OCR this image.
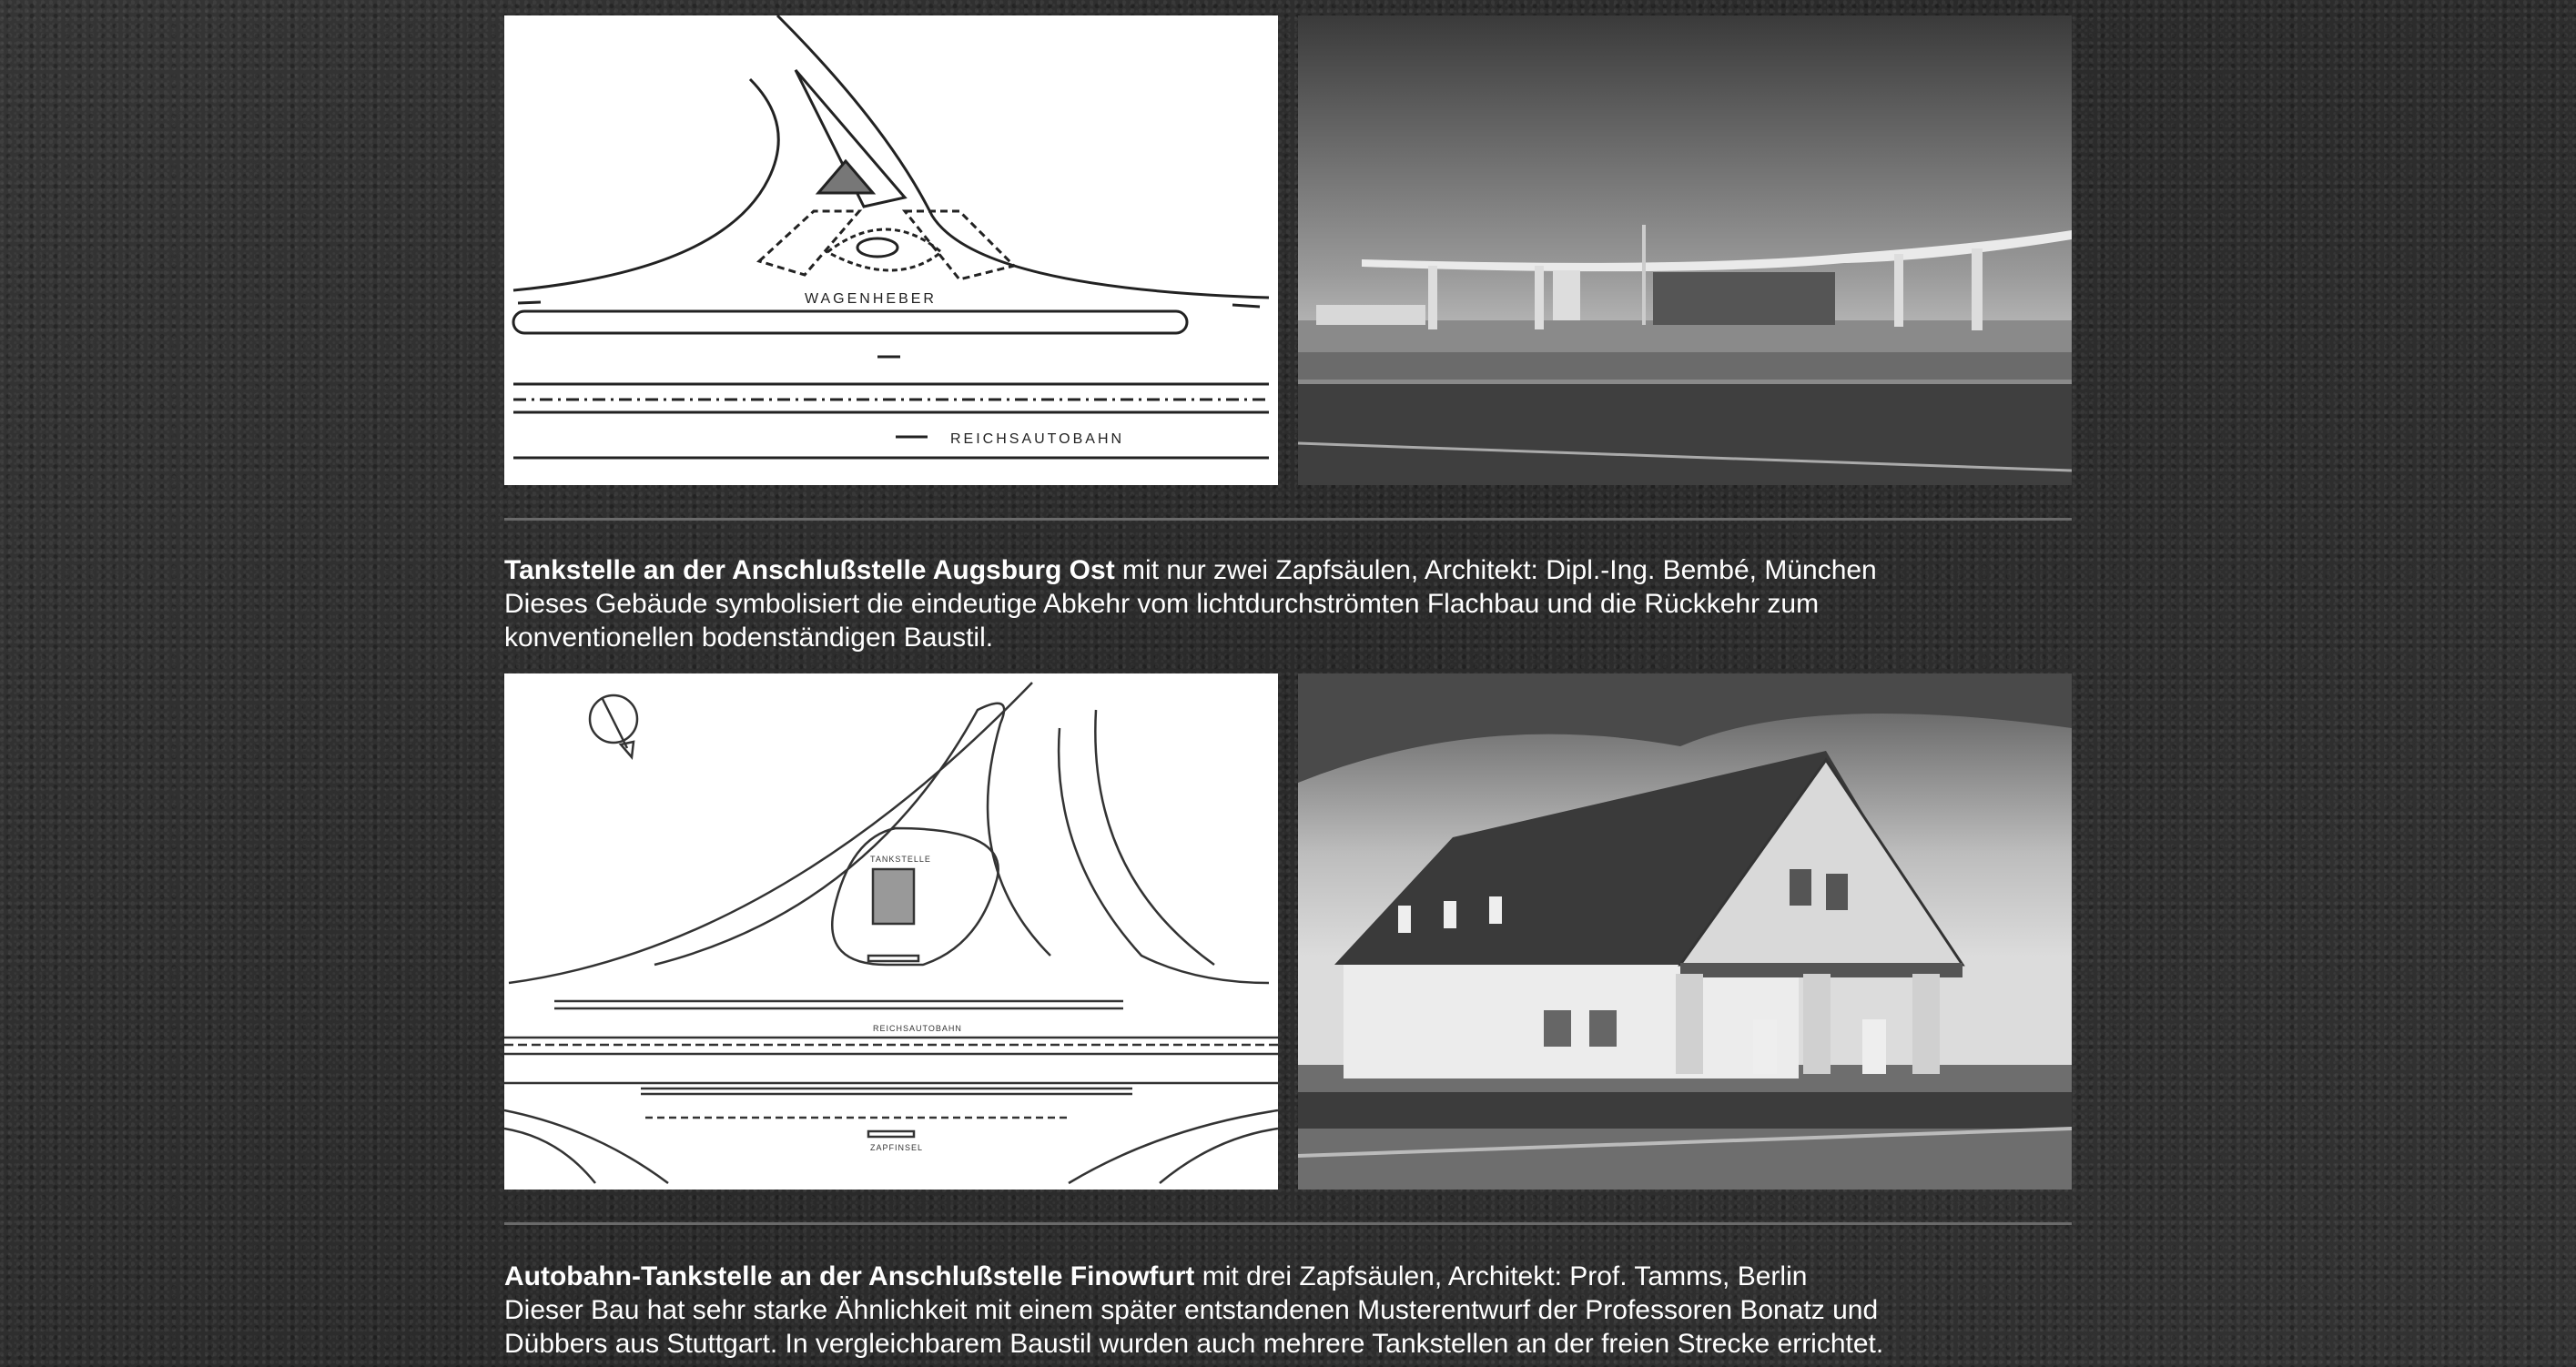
WAGENHEBER
REICHSAUTOBAHN

Tankstelle an der Anschlußstelle Augsburg Ost mit nur zwei Zapfsäulen, Architekt: Dipl.-Ing. Bembé, München
Dieses Gebäude symbolisiert die eindeutige Abkehr vom lichtdurchströmten Flachbau und die Rückkehr zum
konventionellen bodenständigen Baustil.

TANKSTELLE
REICHSAUTOBAHN
ZAPFINSEL

Autobahn-Tankstelle an der Anschlußstelle Finowfurt mit drei Zapfsäulen, Architekt: Prof. Tamms, Berlin
Dieser Bau hat sehr starke Ähnlichkeit mit einem später entstandenen Musterentwurf der Professoren Bonatz und
Dübbers aus Stuttgart. In vergleichbarem Baustil wurden auch mehrere Tankstellen an der freien Strecke errichtet.
